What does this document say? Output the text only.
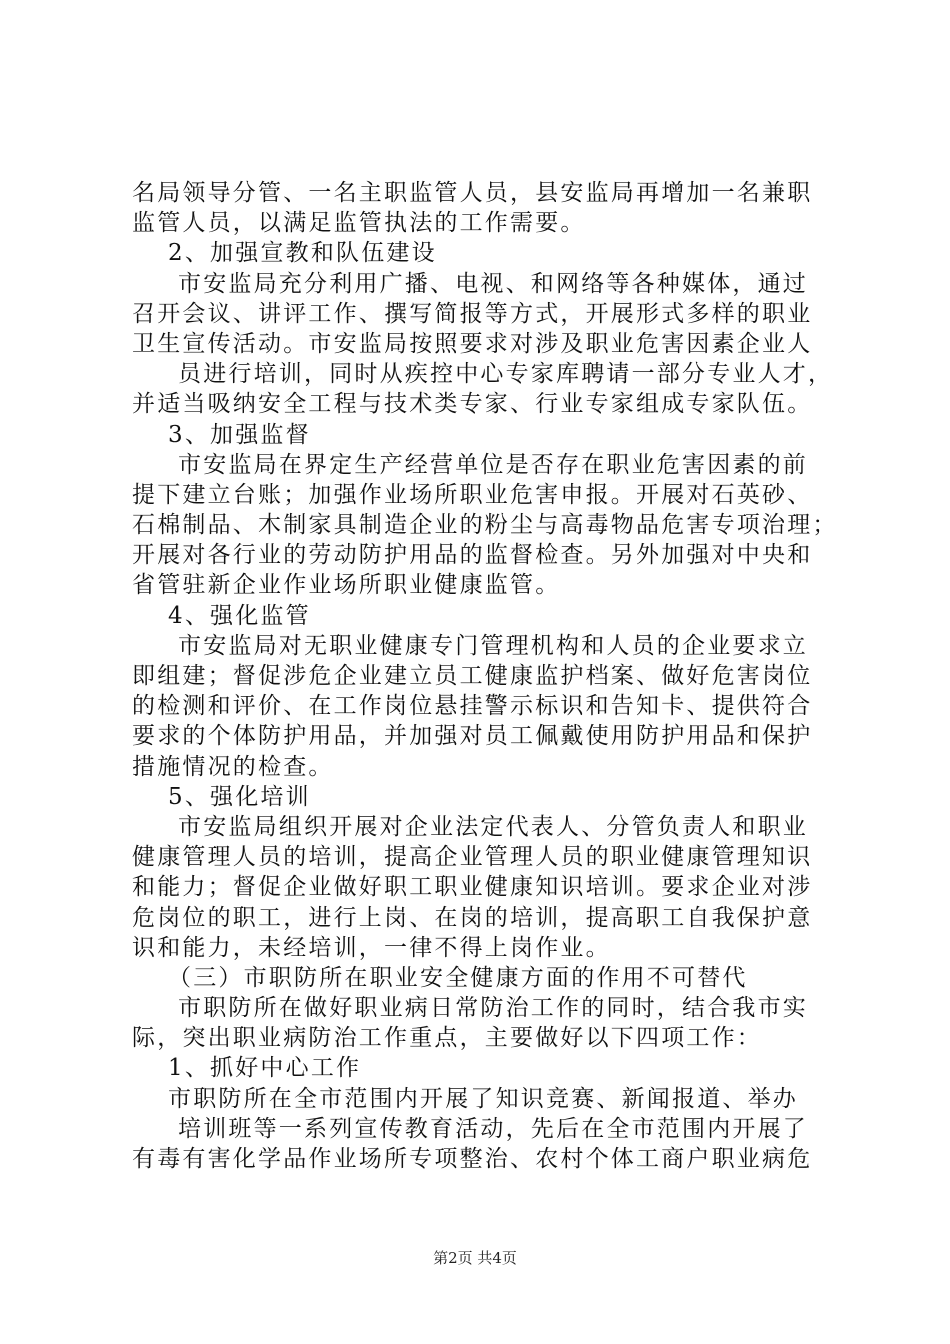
名局领导分管、一名主职监管人员，县安监局再增加一名兼职
监管人员，以满足监管执法的工作需要。
2、加强宣教和队伍建设
市安监局充分利用广播、电视、和网络等各种媒体，通过
召开会议、讲评工作、撰写简报等方式，开展形式多样的职业
卫生宣传活动。市安监局按照要求对涉及职业危害因素企业人
员进行培训，同时从疾控中心专家库聘请一部分专业人才，
并适当吸纳安全工程与技术类专家、行业专家组成专家队伍。
3、加强监督
市安监局在界定生产经营单位是否存在职业危害因素的前
提下建立台账；加强作业场所职业危害申报。开展对石英砂、
石棉制品、木制家具制造企业的粉尘与高毒物品危害专项治理；
开展对各行业的劳动防护用品的监督检查。另外加强对中央和
省管驻新企业作业场所职业健康监管。
4、强化监管
市安监局对无职业健康专门管理机构和人员的企业要求立
即组建；督促涉危企业建立员工健康监护档案、做好危害岗位
的检测和评价、在工作岗位悬挂警示标识和告知卡、提供符合
要求的个体防护用品，并加强对员工佩戴使用防护用品和保护
措施情况的检查。
5、强化培训
市安监局组织开展对企业法定代表人、分管负责人和职业
健康管理人员的培训，提高企业管理人员的职业健康管理知识
和能力；督促企业做好职工职业健康知识培训。要求企业对涉
危岗位的职工，进行上岗、在岗的培训，提高职工自我保护意
识和能力，未经培训，一律不得上岗作业。
（三）市职防所在职业安全健康方面的作用不可替代
市职防所在做好职业病日常防治工作的同时，结合我市实
际，突出职业病防治工作重点，主要做好以下四项工作：
1、抓好中心工作
市职防所在全市范围内开展了知识竞赛、新闻报道、举办
培训班等一系列宣传教育活动，先后在全市范围内开展了
有毒有害化学品作业场所专项整治、农村个体工商户职业病危
第2页 共4页
